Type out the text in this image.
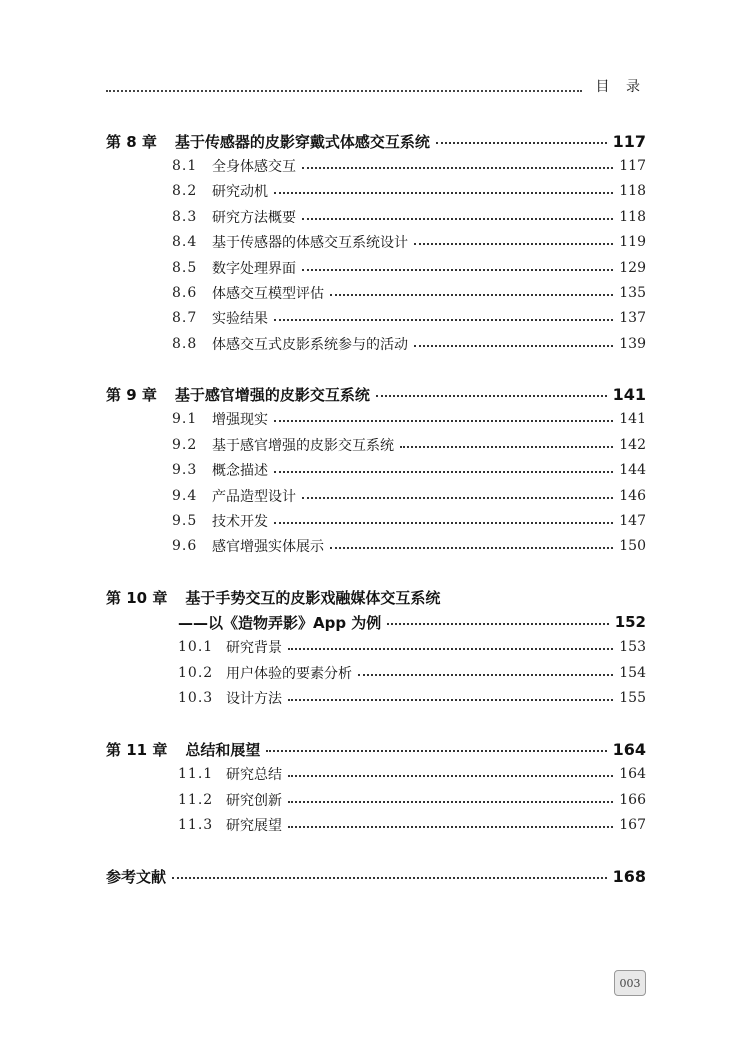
目 录
第 8 章 基于传感器的皮影穿戴式体感交互系统	117
8.1	全身体感交互	117
8.2	研究动机	118
8.3	研究方法概要	118
8.4	基于传感器的体感交互系统设计	119
8.5	数字处理界面	129
8.6	体感交互模型评估	135
8.7	实验结果	137
8.8	体感交互式皮影系统参与的活动	139
第 9 章 基于感官增强的皮影交互系统	141
9.1	增强现实	141
9.2	基于感官增强的皮影交互系统	142
9.3	概念描述	144
9.4	产品造型设计	146
9.5	技术开发	147
9.6	感官增强实体展示	150
第 10 章 基于手势交互的皮影戏融媒体交互系统
——以《造物弄影》App 为例	152
10.1 研究背景	153
10.2 用户体验的要素分析	154
10.3 设计方法	155
第 11 章 总结和展望	164
11.1 研究总结	164
11.2 研究创新	166
11.3 研究展望	167
参考文献	168
003
